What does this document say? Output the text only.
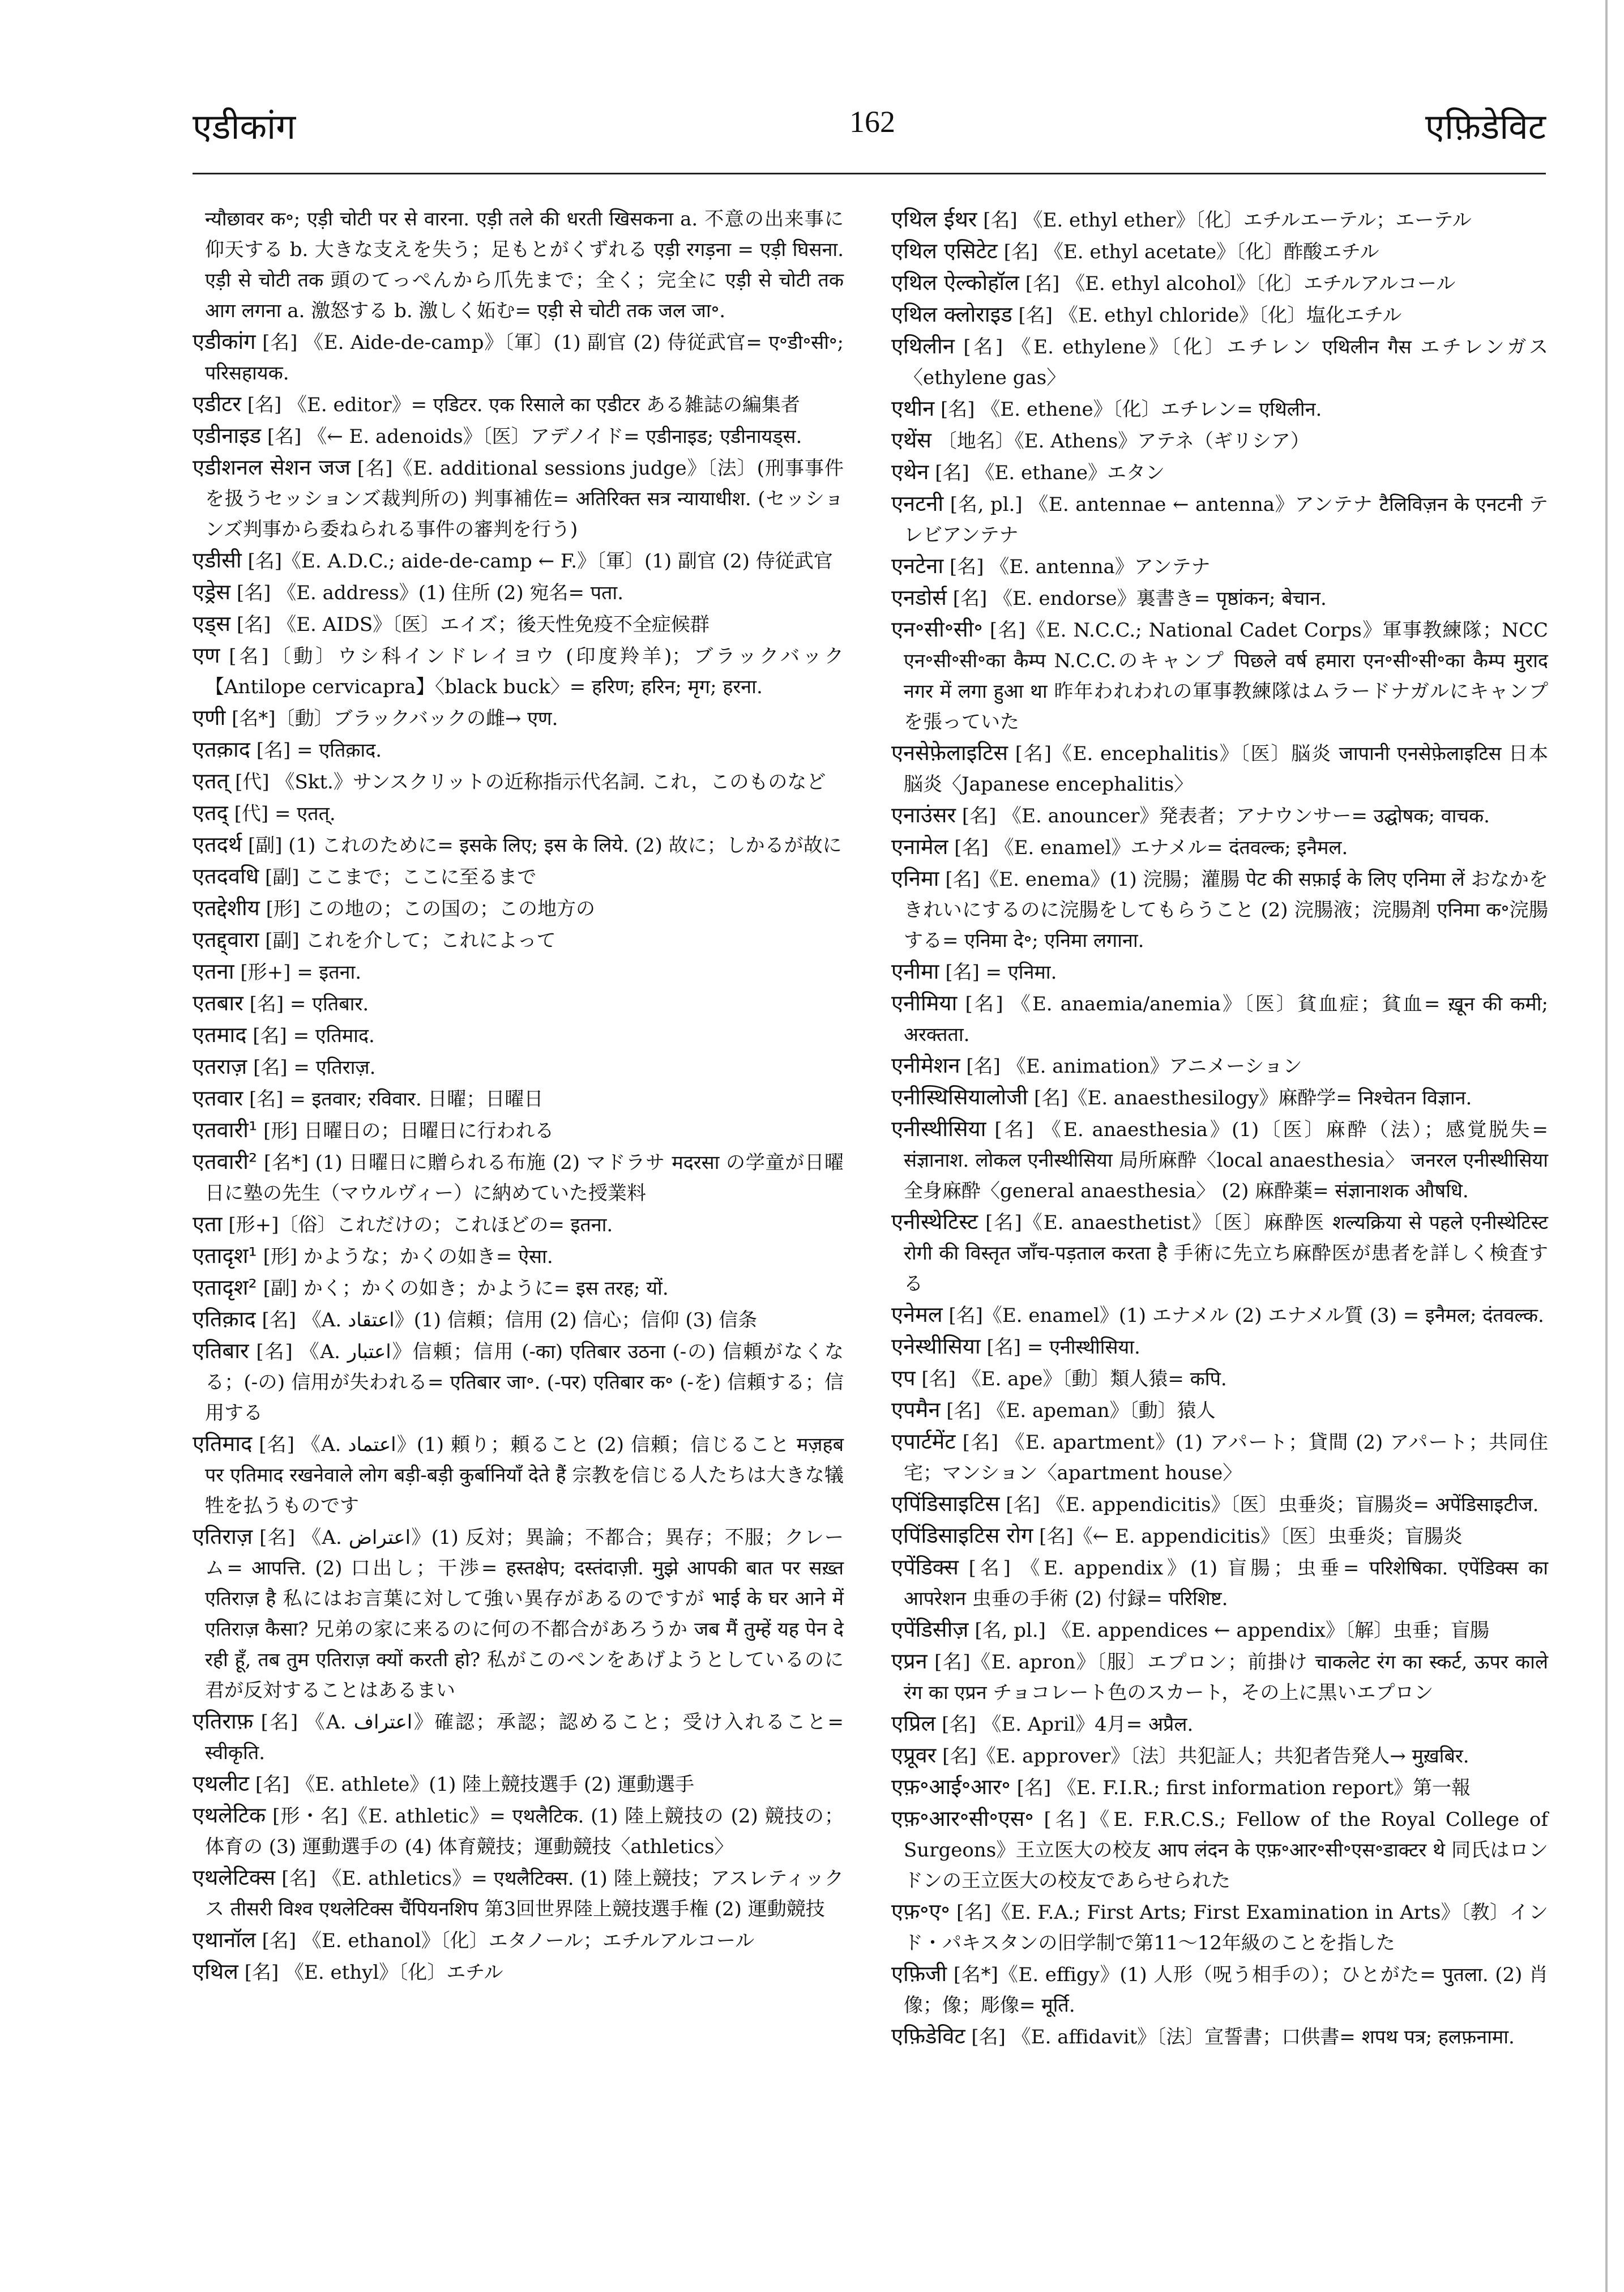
एडीकांग	162	एफ़िडेविट

न्यौछावर क॰; एड़ी चोटी पर से वारना. एड़ी तले की धरती खिसकना a. 不意の出来事に仰天する b. 大きな支えを失う；足もとがくずれる एड़ी रगड़ना = एड़ी घिसना. एड़ी से चोटी तक 頭のてっぺんから爪先まで；全く；完全に एड़ी से चोटी तक आग लगना a. 激怒する b. 激しく妬む= एड़ी से चोटी तक जल जा॰.

एडीकांग [名] 《E. Aide-de-camp》〔軍〕(1) 副官 (2) 侍従武官= ए॰डी॰सी॰; परिसहायक.

एडीटर [名] 《E. editor》= एडिटर. एक रिसाले का एडीटर ある雑誌の編集者

एडीनाइड [名] 《← E. adenoids》〔医〕アデノイド= एडीनाइड; एडीनायड्स.

एडीशनल सेशन जज [名]《E. additional sessions judge》〔法〕(刑事事件を扱うセッションズ裁判所の) 判事補佐= अतिरिक्त सत्र न्यायाधीश. (セッションズ判事から委ねられる事件の審判を行う)

एडीसी [名]《E. A.D.C.; aide-de-camp ← F.》〔軍〕(1) 副官 (2) 侍従武官

एड्रेस [名] 《E. address》(1) 住所 (2) 宛名= पता.

एड्स [名] 《E. AIDS》〔医〕エイズ；後天性免疫不全症候群

एण [名]〔動〕ウシ科インドレイヨウ (印度羚羊)；ブラックバック【Antilope cervicapra】〈black buck〉= हरिण; हरिन; मृग; हरना.

एणी [名*]〔動〕ブラックバックの雌→ एण.

एतक़ाद [名] = एतिक़ाद.

एतत् [代] 《Skt.》サンスクリットの近称指示代名詞. これ，このものなど

एतद् [代] = एतत्.

एतदर्थ [副] (1) これのために= इसके लिए; इस के लिये. (2) 故に；しかるが故に

एतदवधि [副] ここまで；ここに至るまで

एतद्देशीय [形] この地の；この国の；この地方の

एतद्द्वारा [副] これを介して；これによって

एतना [形+] = इतना.

एतबार [名] = एतिबार.

एतमाद [名] = एतिमाद.

एतराज़ [名] = एतिराज़.

एतवार [名] = इतवार; रविवार. 日曜；日曜日

एतवारी¹ [形] 日曜日の；日曜日に行われる

एतवारी² [名*] (1) 日曜日に贈られる布施 (2) マドラサ मदरसा の学童が日曜日に塾の先生（マウルヴィー）に納めていた授業料

एता [形+]〔俗〕これだけの；これほどの= इतना.

एतादृश¹ [形] かような；かくの如き= ऐसा.

एतादृश² [副] かく；かくの如き；かように= इस तरह; यों.

एतिक़ाद [名] 《A. اعتقاد》(1) 信頼；信用 (2) 信心；信仰 (3) 信条

एतिबार [名] 《A. اعتبار》信頼；信用 (-का) एतिबार उठना (-の) 信頼がなくなる；(-の) 信用が失われる= एतिबार जा॰. (-पर) एतिबार क॰ (-を) 信頼する；信用する

एतिमाद [名] 《A. اعتماد》(1) 頼り；頼ること (2) 信頼；信じること मज़हब पर एतिमाद रखनेवाले लोग बड़ी-बड़ी कुर्बानियाँ देते हैं 宗教を信じる人たちは大きな犠牲を払うものです

एतिराज़ [名] 《A. اعتراض》(1) 反対；異論；不都合；異存；不服；クレーム= आपत्ति. (2) 口出し；干渉= हस्तक्षेप; दस्तंदाज़ी. मुझे आपकी बात पर सख़्त एतिराज़ है 私にはお言葉に対して強い異存があるのですが भाई के घर आने में एतिराज़ कैसा? 兄弟の家に来るのに何の不都合があろうか जब मैं तुम्हें यह पेन दे रही हूँ, तब तुम एतिराज़ क्यों करती हो? 私がこのペンをあげようとしているのに君が反対することはあるまい

एतिराफ़ [名] 《A. اعتراف》確認；承認；認めること；受け入れること= स्वीकृति.

एथलीट [名] 《E. athlete》(1) 陸上競技選手 (2) 運動選手

एथलेटिक [形・名]《E. athletic》= एथलैटिक. (1) 陸上競技の (2) 競技の；体育の (3) 運動選手の (4) 体育競技；運動競技〈athletics〉

एथलेटिक्स [名] 《E. athletics》= एथलैटिक्स. (1) 陸上競技；アスレティックス तीसरी विश्व एथलेटिक्स चैंपियनशिप 第3回世界陸上競技選手権 (2) 運動競技

एथानॉल [名] 《E. ethanol》〔化〕エタノール；エチルアルコール

एथिल [名] 《E. ethyl》〔化〕エチル

एथिल ईथर [名] 《E. ethyl ether》〔化〕エチルエーテル；エーテル

एथिल एसिटेट [名] 《E. ethyl acetate》〔化〕酢酸エチル

एथिल ऐल्कोहॉल [名] 《E. ethyl alcohol》〔化〕エチルアルコール

एथिल क्लोराइड [名] 《E. ethyl chloride》〔化〕塩化エチル

एथिलीन [名] 《E. ethylene》〔化〕エチレン एथिलीन गैस エチレンガス〈ethylene gas〉

एथीन [名] 《E. ethene》〔化〕エチレン= एथिलीन.

एथेंस 〔地名〕《E. Athens》アテネ（ギリシア）

एथेन [名] 《E. ethane》エタン

एनटनी [名, pl.] 《E. antennae ← antenna》アンテナ टैलिविज़न के एनटनी テレビアンテナ

एनटेना [名] 《E. antenna》アンテナ

एनडोर्स [名] 《E. endorse》裏書き= पृष्ठांकन; बेचान.

एन॰सी॰सी॰ [名]《E. N.C.C.; National Cadet Corps》軍事教練隊；NCC एन॰सी॰सी॰का कैम्प N.C.C.のキャンプ पिछले वर्ष हमारा एन॰सी॰सी॰का कैम्प मुराद नगर में लगा हुआ था 昨年われわれの軍事教練隊はムラードナガルにキャンプを張っていた

एनसेफ़ेलाइटिस [名]《E. encephalitis》〔医〕脳炎 जापानी एनसेफ़ेलाइटिस 日本脳炎〈Japanese encephalitis〉

एनाउंसर [名] 《E. anouncer》発表者；アナウンサー= उद्घोषक; वाचक.

एनामेल [名] 《E. enamel》エナメル= दंतवल्क; इनैमल.

एनिमा [名]《E. enema》(1) 浣腸；灌腸 पेट की सफ़ाई के लिए एनिमा लें おなかをきれいにするのに浣腸をしてもらうこと (2) 浣腸液；浣腸剤 एनिमा क॰浣腸する= एनिमा दे॰; एनिमा लगाना.

एनीमा [名] = एनिमा.

एनीमिया [名] 《E. anaemia/anemia》〔医〕貧血症；貧血= ख़ून की कमी; अरक्तता.

एनीमेशन [名] 《E. animation》アニメーション

एनीस्थिसियालोजी [名]《E. anaesthesilogy》麻酔学= निश्चेतन विज्ञान.

एनीस्थीसिया [名] 《E. anaesthesia》(1)〔医〕麻酔（法）；感覚脱失= संज्ञानाश. लोकल एनीस्थीसिया 局所麻酔〈local anaesthesia〉 जनरल एनीस्थीसिया 全身麻酔〈general anaesthesia〉 (2) 麻酔薬= संज्ञानाशक औषधि.

एनीस्थेटिस्ट [名]《E. anaesthetist》〔医〕麻酔医 शल्यक्रिया से पहले एनीस्थेटिस्ट रोगी की विस्तृत जाँच-पड़ताल करता है 手術に先立ち麻酔医が患者を詳しく検査する

एनेमल [名]《E. enamel》(1) エナメル (2) エナメル質 (3) = इनैमल; दंतवल्क.

एनेस्थीसिया [名] = एनीस्थीसिया.

एप [名] 《E. ape》〔動〕類人猿= कपि.

एपमैन [名] 《E. apeman》〔動〕猿人

एपार्टमेंट [名] 《E. apartment》(1) アパート；貸間 (2) アパート；共同住宅；マンション〈apartment house〉

एपिंडिसाइटिस [名] 《E. appendicitis》〔医〕虫垂炎；盲腸炎= अपेंडिसाइटीज.

एपिंडिसाइटिस रोग [名]《← E. appendicitis》〔医〕虫垂炎；盲腸炎

एपेंडिक्स [名] 《E. appendix》(1) 盲腸；虫垂= परिशेषिका. एपेंडिक्स का आपरेशन 虫垂の手術 (2) 付録= परिशिष्ट.

एपेंडिसीज़ [名, pl.] 《E. appendices ← appendix》〔解〕虫垂；盲腸

एप्रन [名]《E. apron》〔服〕エプロン；前掛け चाकलेट रंग का स्कर्ट, ऊपर काले रंग का एप्रन チョコレート色のスカート，その上に黒いエプロン

एप्रिल [名] 《E. April》4月= अप्रैल.

एप्रूवर [名]《E. approver》〔法〕共犯証人；共犯者告発人→ मुख़बिर.

एफ़॰आई॰आर॰ [名] 《E. F.I.R.; first information report》第一報

एफ़॰आर॰सी॰एस॰ [名]《E. F.R.C.S.; Fellow of the Royal College of Surgeons》王立医大の校友 आप लंदन के एफ़॰आर॰सी॰एस॰डाक्टर थे 同氏はロンドンの王立医大の校友であらせられた

एफ़॰ए॰ [名]《E. F.A.; First Arts; First Examination in Arts》〔教〕インド・パキスタンの旧学制で第11〜12年級のことを指した

एफ़िजी [名*]《E. effigy》(1) 人形（呪う相手の）；ひとがた= पुतला. (2) 肖像；像；彫像= मूर्ति.

एफ़िडेविट [名] 《E. affidavit》〔法〕宣誓書；口供書= शपथ पत्र; हलफ़नामा.
